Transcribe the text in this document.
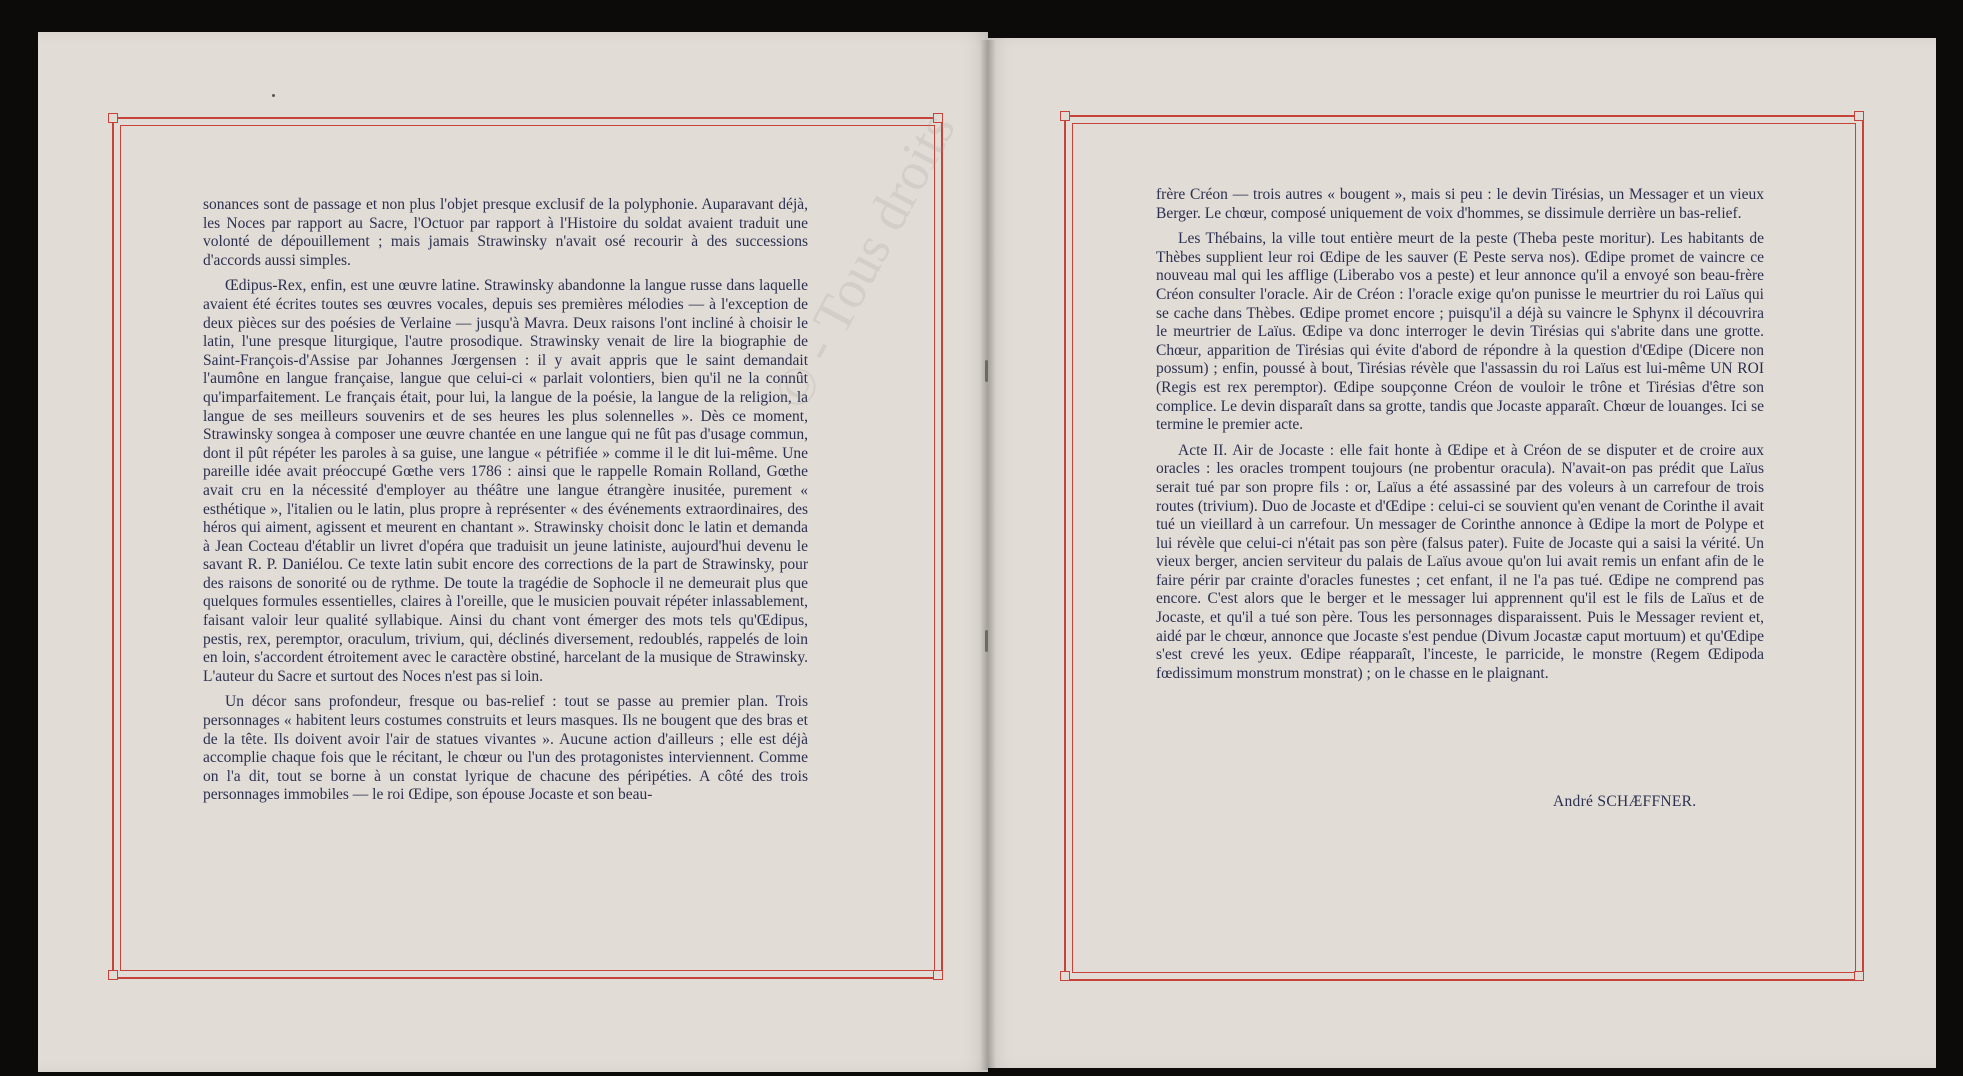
sonances sont de passage et non plus l'objet presque exclusif de la polyphonie. Auparavant déjà, les Noces par rapport au Sacre, l'Octuor par rapport à l'Histoire du soldat avaient traduit une volonté de dépouillement ; mais jamais Strawinsky n'avait osé recourir à des successions d'accords aussi simples.

Œdipus-Rex, enfin, est une œuvre latine. Strawinsky abandonne la langue russe dans laquelle avaient été écrites toutes ses œuvres vocales, depuis ses premières mélodies — à l'exception de deux pièces sur des poésies de Verlaine — jusqu'à Mavra. Deux raisons l'ont incliné à choisir le latin, l'une presque liturgique, l'autre prosodique. Strawinsky venait de lire la biographie de Saint-François-d'Assise par Johannes Jœrgensen : il y avait appris que le saint demandait l'aumône en langue française, langue que celui-ci « parlait volontiers, bien qu'il ne la connût qu'imparfaitement. Le français était, pour lui, la langue de la poésie, la langue de la religion, la langue de ses meilleurs souvenirs et de ses heures les plus solennelles ». Dès ce moment, Strawinsky songea à composer une œuvre chantée en une langue qui ne fût pas d'usage commun, dont il pût répéter les paroles à sa guise, une langue « pétrifiée » comme il le dit lui-même. Une pareille idée avait préoccupé Gœthe vers 1786 : ainsi que le rappelle Romain Rolland, Gœthe avait cru en la nécessité d'employer au théâtre une langue étrangère inusitée, purement « esthétique », l'italien ou le latin, plus propre à représenter « des événements extraordinaires, des héros qui aiment, agissent et meurent en chantant ». Strawinsky choisit donc le latin et demanda à Jean Cocteau d'établir un livret d'opéra que traduisit un jeune latiniste, aujourd'hui devenu le savant R. P. Daniélou. Ce texte latin subit encore des corrections de la part de Strawinsky, pour des raisons de sonorité ou de rythme. De toute la tragédie de Sophocle il ne demeurait plus que quelques formules essentielles, claires à l'oreille, que le musicien pouvait répéter inlassablement, faisant valoir leur qualité syllabique. Ainsi du chant vont émerger des mots tels qu'Œdipus, pestis, rex, peremptor, oraculum, trivium, qui, déclinés diversement, redoublés, rappelés de loin en loin, s'accordent étroitement avec le caractère obstiné, harcelant de la musique de Strawinsky. L'auteur du Sacre et surtout des Noces n'est pas si loin.

Un décor sans profondeur, fresque ou bas-relief : tout se passe au premier plan. Trois personnages « habitent leurs costumes construits et leurs masques. Ils ne bougent que des bras et de la tête. Ils doivent avoir l'air de statues vivantes ». Aucune action d'ailleurs ; elle est déjà accomplie chaque fois que le récitant, le chœur ou l'un des protagonistes interviennent. Comme on l'a dit, tout se borne à un constat lyrique de chacune des péripéties. A côté des trois personnages immobiles — le roi Œdipe, son épouse Jocaste et son beau-

frère Créon — trois autres « bougent », mais si peu : le devin Tirésias, un Messager et un vieux Berger. Le chœur, composé uniquement de voix d'hommes, se dissimule derrière un bas-relief.

Les Thébains, la ville tout entière meurt de la peste (Theba peste moritur). Les habitants de Thèbes supplient leur roi Œdipe de les sauver (E Peste serva nos). Œdipe promet de vaincre ce nouveau mal qui les afflige (Liberabo vos a peste) et leur annonce qu'il a envoyé son beau-frère Créon consulter l'oracle. Air de Créon : l'oracle exige qu'on punisse le meurtrier du roi Laïus qui se cache dans Thèbes. Œdipe promet encore ; puisqu'il a déjà su vaincre le Sphynx il découvrira le meurtrier de Laïus. Œdipe va donc interroger le devin Tirésias qui s'abrite dans une grotte. Chœur, apparition de Tirésias qui évite d'abord de répondre à la question d'Œdipe (Dicere non possum) ; enfin, poussé à bout, Tirésias révèle que l'assassin du roi Laïus est lui-même UN ROI (Regis est rex peremptor). Œdipe soupçonne Créon de vouloir le trône et Tirésias d'être son complice. Le devin disparaît dans sa grotte, tandis que Jocaste apparaît. Chœur de louanges. Ici se termine le premier acte.

Acte II. Air de Jocaste : elle fait honte à Œdipe et à Créon de se disputer et de croire aux oracles : les oracles trompent toujours (ne probentur oracula). N'avait-on pas prédit que Laïus serait tué par son propre fils : or, Laïus a été assassiné par des voleurs à un carrefour de trois routes (trivium). Duo de Jocaste et d'Œdipe : celui-ci se souvient qu'en venant de Corinthe il avait tué un vieillard à un carrefour. Un messager de Corinthe annonce à Œdipe la mort de Polype et lui révèle que celui-ci n'était pas son père (falsus pater). Fuite de Jocaste qui a saisi la vérité. Un vieux berger, ancien serviteur du palais de Laïus avoue qu'on lui avait remis un enfant afin de le faire périr par crainte d'oracles funestes ; cet enfant, il ne l'a pas tué. Œdipe ne comprend pas encore. C'est alors que le berger et le messager lui apprennent qu'il est le fils de Laïus et de Jocaste, et qu'il a tué son père. Tous les personnages disparaissent. Puis le Messager revient et, aidé par le chœur, annonce que Jocaste s'est pendue (Divum Jocastæ caput mortuum) et qu'Œdipe s'est crevé les yeux. Œdipe réapparaît, l'inceste, le parricide, le monstre (Regem Œdipoda fœdissimum monstrum monstrat) ; on le chasse en le plaignant.

André SCHÆFFNER.
© - Tous droits
